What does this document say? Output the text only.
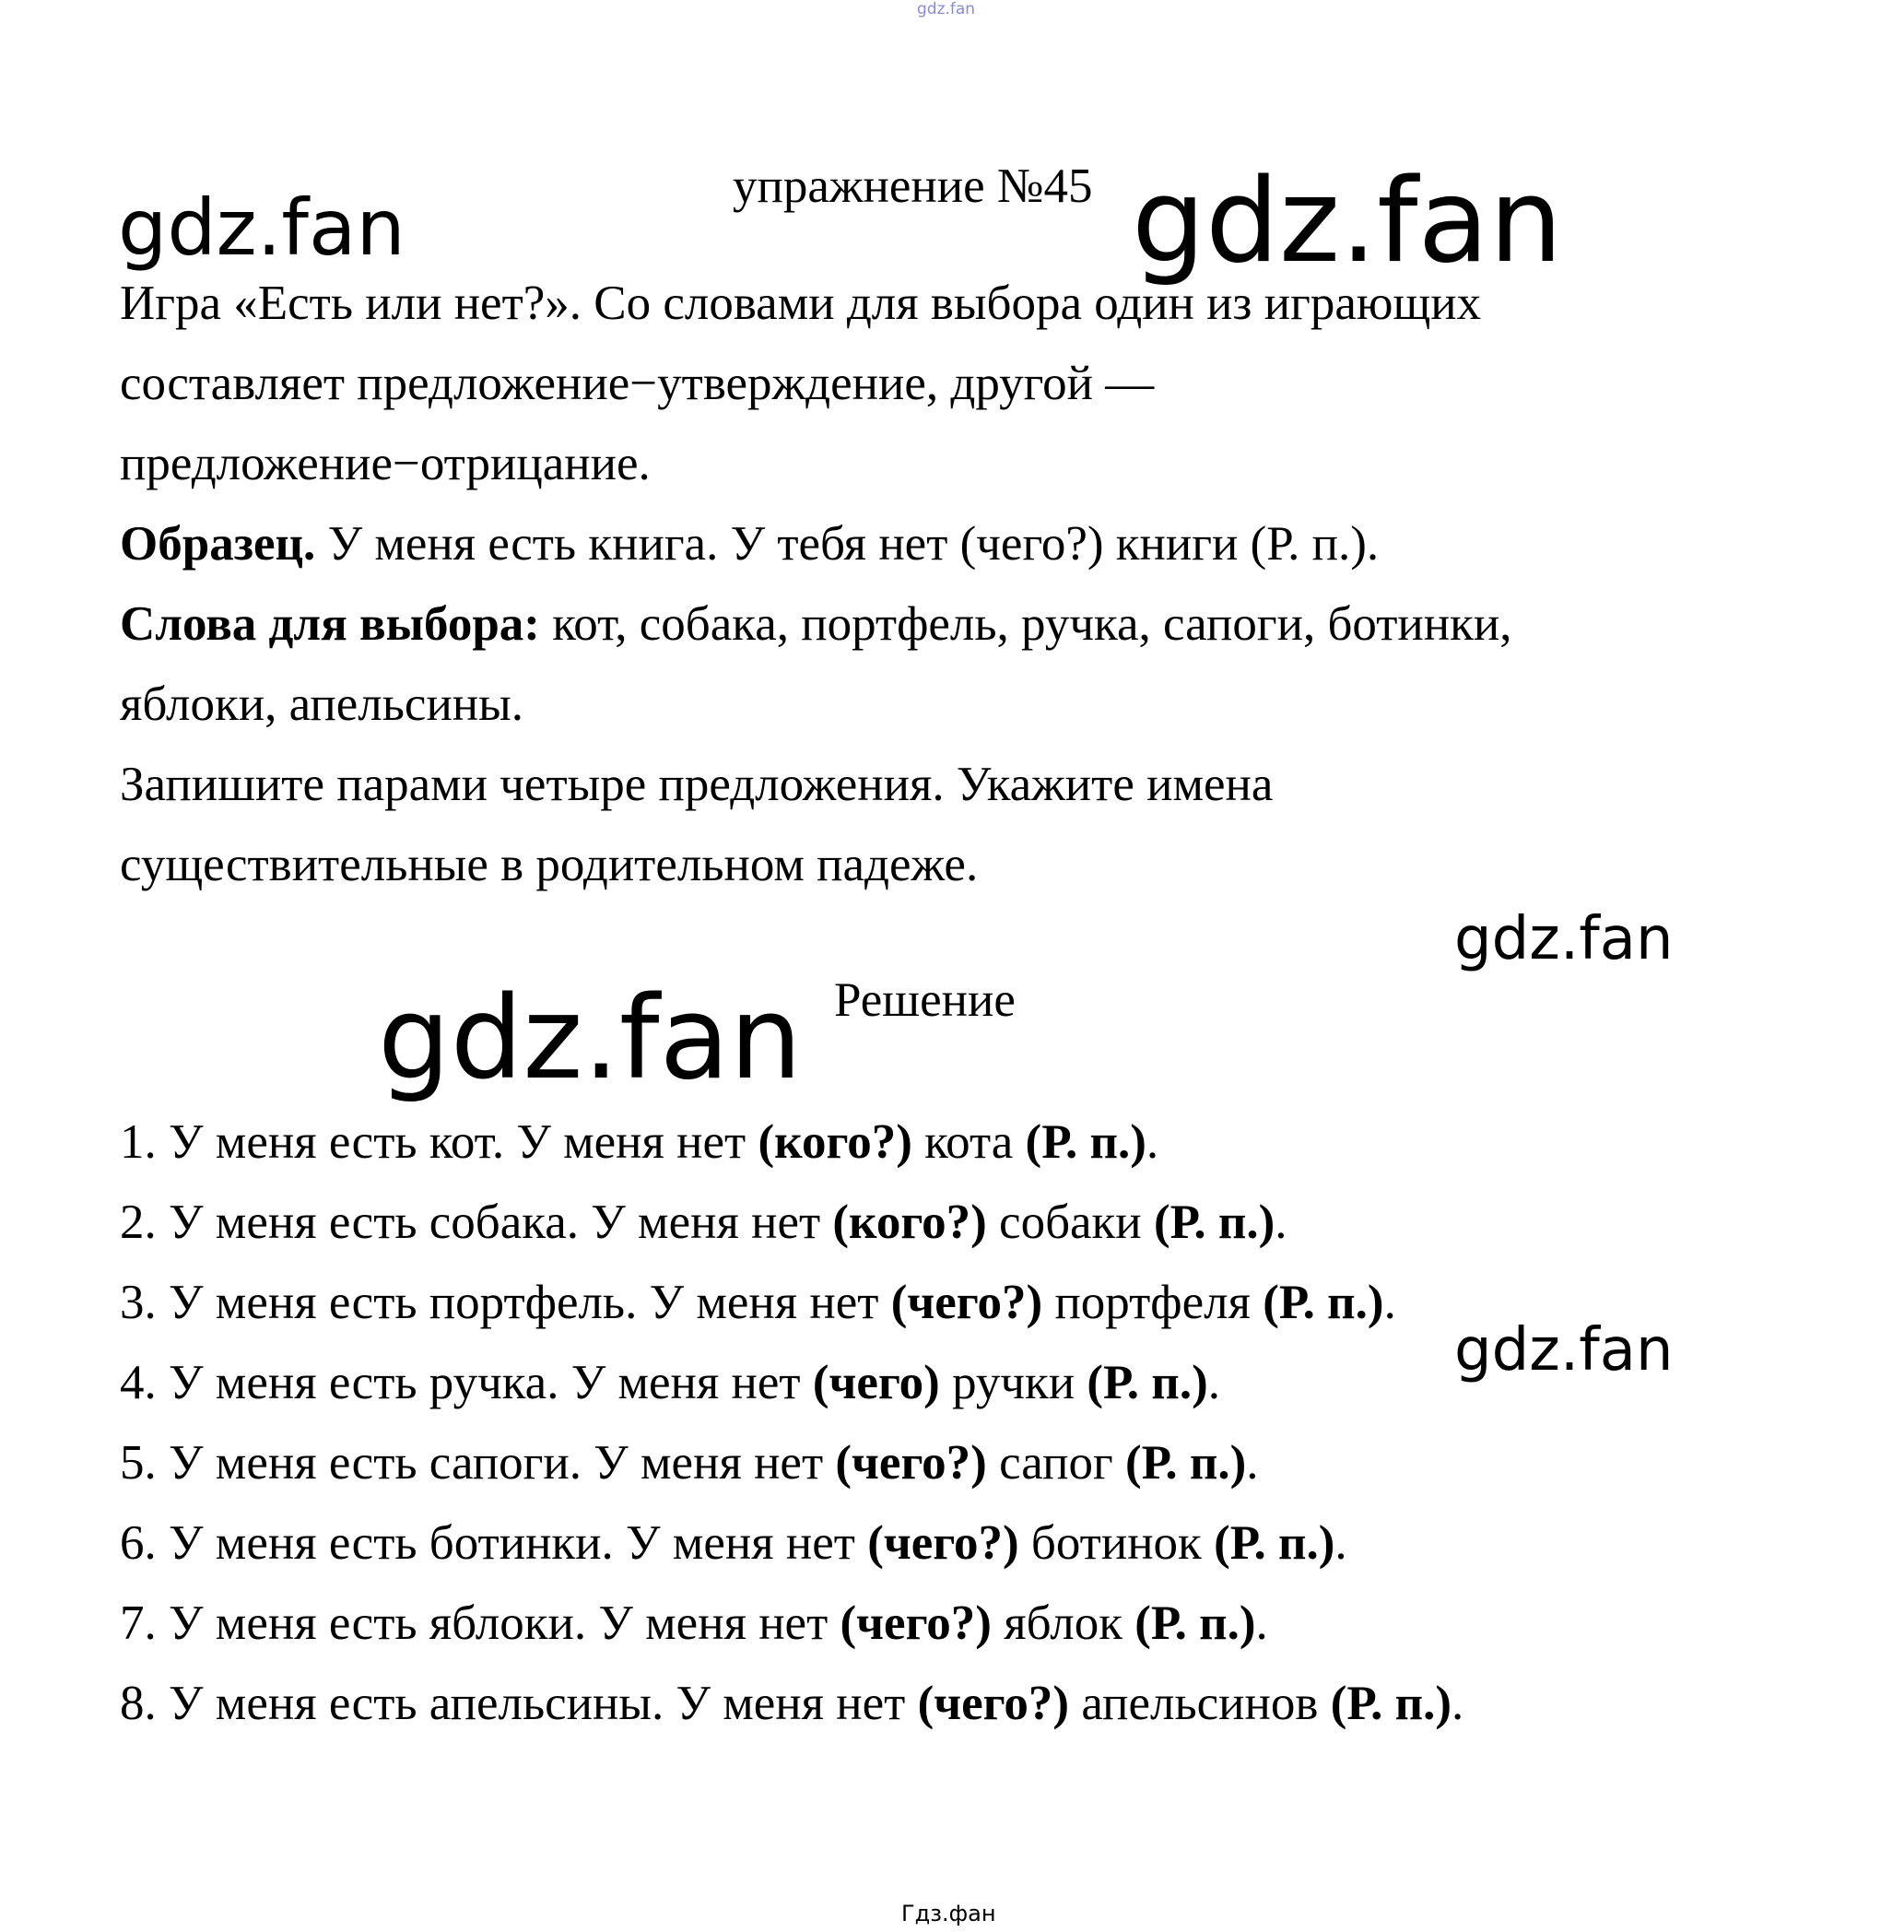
gdz.fan
упражнение №45
gdz.fan	gdz.fan
gdz.fan
gdz.fan
gdz.fan
Игра «Есть или нет?». Со словами для выбора один из играющих
составляет предложение−утверждение, другой —
предложение−отрицание.
Образец. У меня есть книга. У тебя нет (чего?) книги (Р. п.).
Слова для выбора: кот, собака, портфель, ручка, сапоги, ботинки,
яблоки, апельсины.
Запишите парами четыре предложения. Укажите имена
существительные в родительном падеже.
Решение
1. У меня есть кот. У меня нет (кого?) кота (Р. п.).
2. У меня есть собака. У меня нет (кого?) собаки (Р. п.).
3. У меня есть портфель. У меня нет (чего?) портфеля (Р. п.).
4. У меня есть ручка. У меня нет (чего) ручки (Р. п.).
5. У меня есть сапоги. У меня нет (чего?) сапог (Р. п.).
6. У меня есть ботинки. У меня нет (чего?) ботинок (Р. п.).
7. У меня есть яблоки. У меня нет (чего?) яблок (Р. п.).
8. У меня есть апельсины. У меня нет (чего?) апельсинов (Р. п.).
Гдз.фан
